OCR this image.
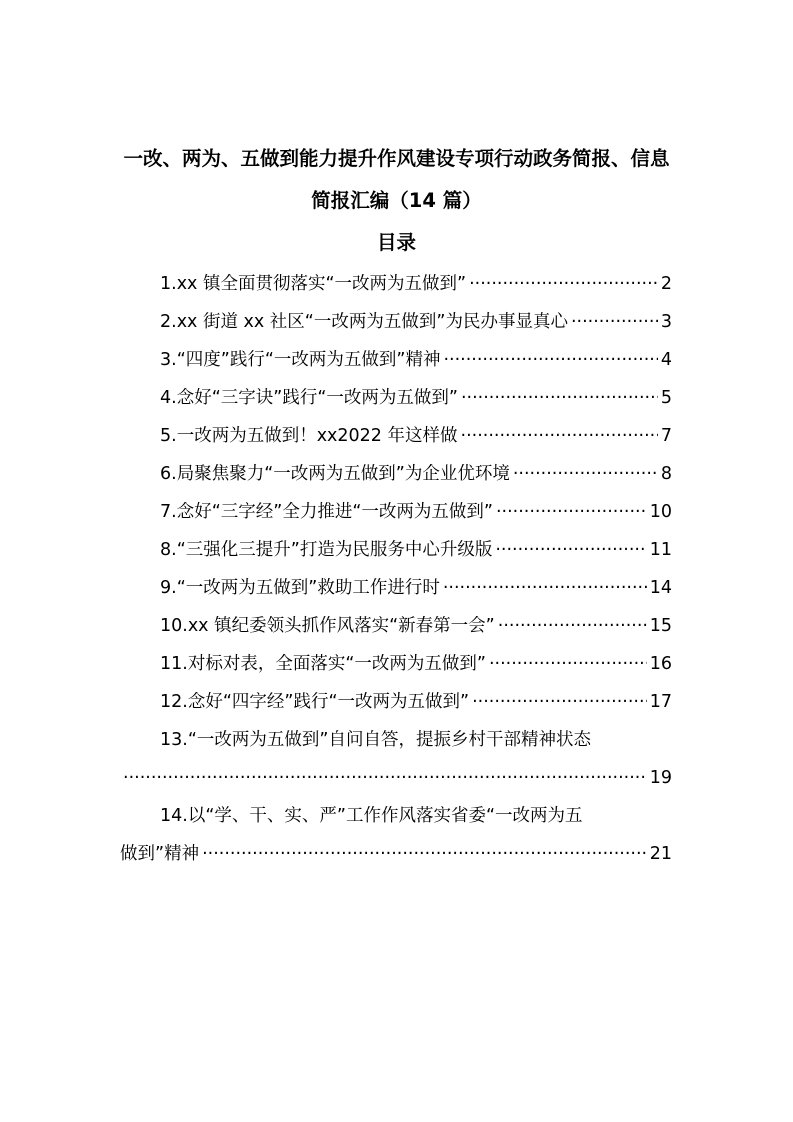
一改、两为、五做到能力提升作风建设专项行动政务简报、信息
简报汇编（14 篇）
目录
1.xx 镇全面贯彻落实“一改两为五做到” ·····	2
2.xx 街道 xx 社区“一改两为五做到”为民办事显真心 ·····	3
3.“四度”践行“一改两为五做到”精神 ·····	4
4.念好“三字诀”践行“一改两为五做到” ·····	5
5.一改两为五做到！xx2022 年这样做 ·····	7
6.局聚焦聚力“一改两为五做到”为企业优环境 ·····	8
7.念好“三字经”全力推进“一改两为五做到” ·····	10
8.“三强化三提升”打造为民服务中心升级版 ·····	11
9.“一改两为五做到”救助工作进行时 ·····	14
10.xx 镇纪委领头抓作风落实“新春第一会” ·····	15
11.对标对表，全面落实“一改两为五做到” ·····	16
12.念好“四字经”践行“一改两为五做到” ·····	17
13.“一改两为五做到”自问自答，提振乡村干部精神状态
·····
19
14.以“学、干、实、严”工作作风落实省委“一改两为五
做到”精神 ·····	21
